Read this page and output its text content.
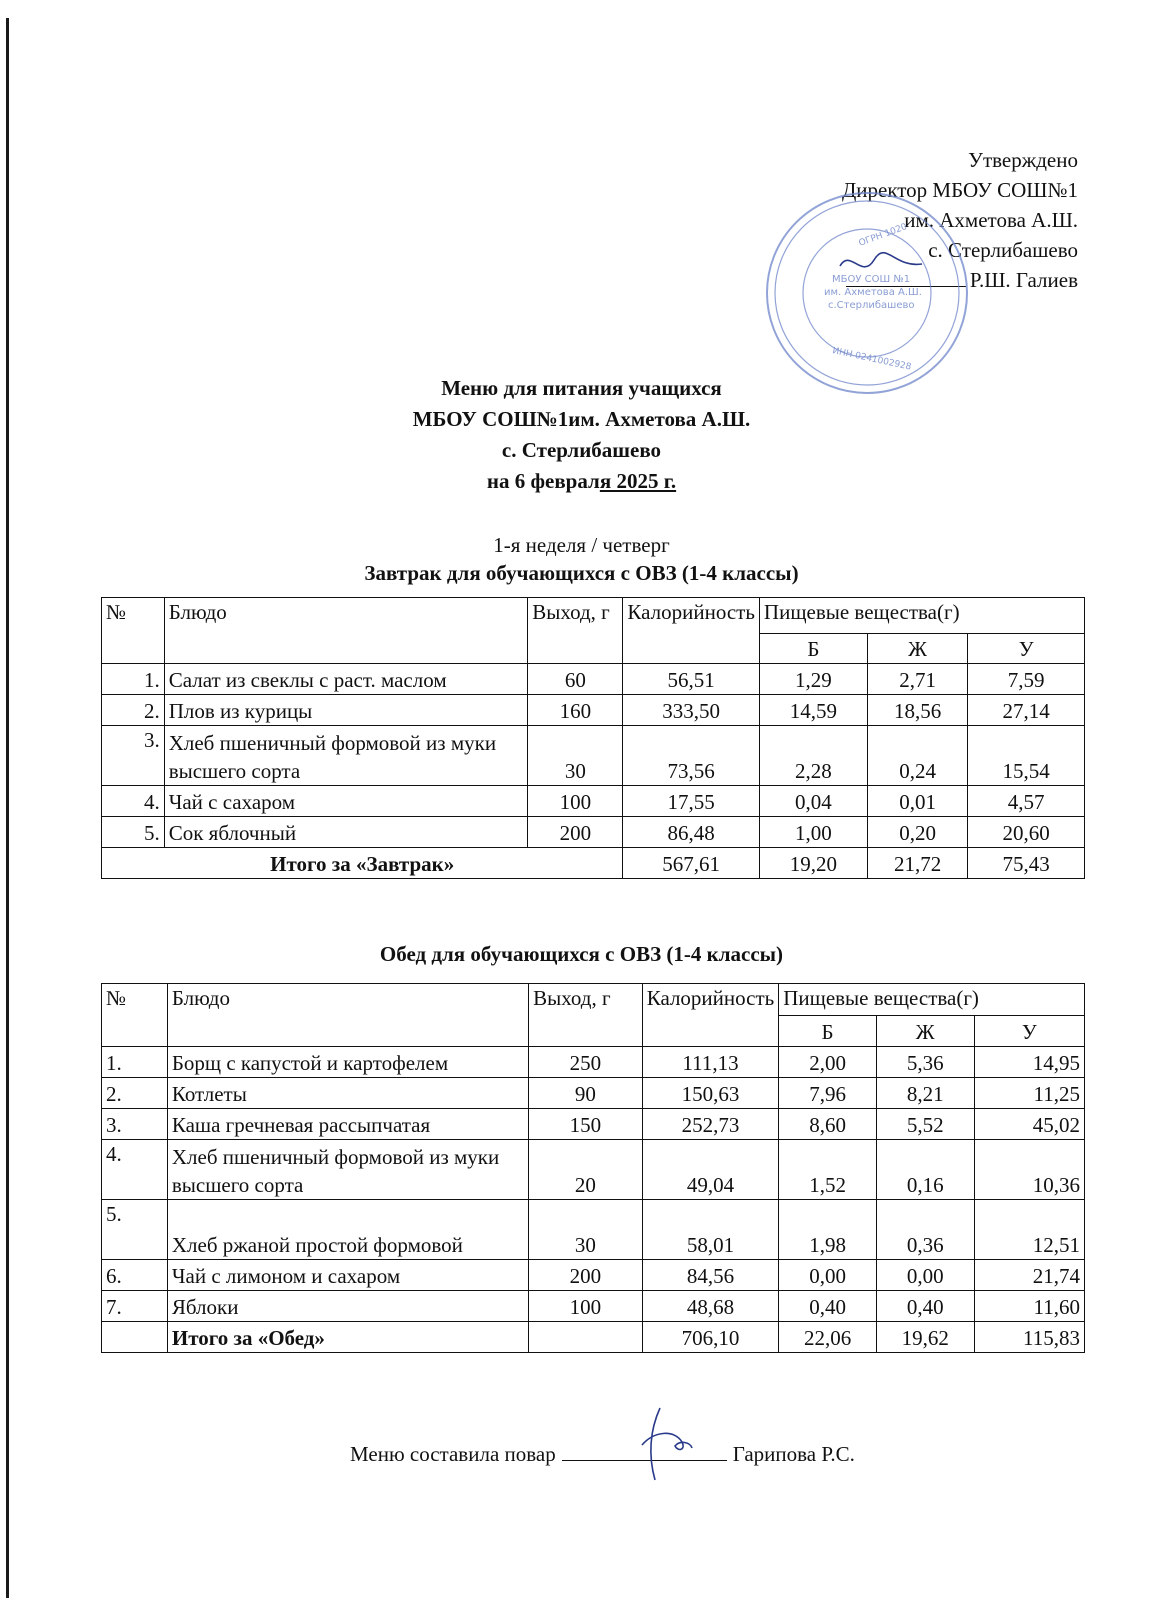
Утверждено
Директор МБОУ СОШ№1
им. Ахметова А.Ш.
с. Стерлибашево
Р.Ш. Галиев
МБОУ СОШ №1
им. Ахметова А.Ш.
с.Стерлибашево
ОГРН 1020
ИНН 0241002928
Меню для питания учащихся
МБОУ СОШ№1им. Ахметова А.Ш.
с. Стерлибашево
на 6 февраля 2025 г.
1-я неделя / четверг
Завтрак для обучающихся с ОВЗ (1-4 классы)
№	Блюдо	Выход, г	Калорийность	Пищевые вещества(г)		
				Б	Ж	У
1.	Салат из свеклы с раст. маслом	60	56,51	1,29	2,71	7,59
2.	Плов из курицы	160	333,50	14,59	18,56	27,14
3.	Хлеб пшеничный формовой из муки высшего сорта	30	73,56	2,28	0,24	15,54
4.	Чай с сахаром	100	17,55	0,04	0,01	4,57
5.	Сок яблочный	200	86,48	1,00	0,20	20,60
Итого за «Завтрак»			567,61	19,20	21,72	75,43
Обед для обучающихся с ОВЗ (1-4 классы)
№	Блюдо	Выход, г	Калорийность	Пищевые вещества(г)		
				Б	Ж	У
1.	Борщ с капустой и картофелем	250	111,13	2,00	5,36	14,95
2.	Котлеты	90	150,63	7,96	8,21	11,25
3.	Каша гречневая рассыпчатая	150	252,73	8,60	5,52	45,02
4.	Хлеб пшеничный формовой из муки высшего сорта	20	49,04	1,52	0,16	10,36
5.	Хлеб ржаной простой формовой	30	58,01	1,98	0,36	12,51
6.	Чай с лимоном и сахаром	200	84,56	0,00	0,00	21,74
7.	Яблоки	100	48,68	0,40	0,40	11,60
	Итого за «Обед»		706,10	22,06	19,62	115,83
Меню составила повар	Гарипова Р.С.
